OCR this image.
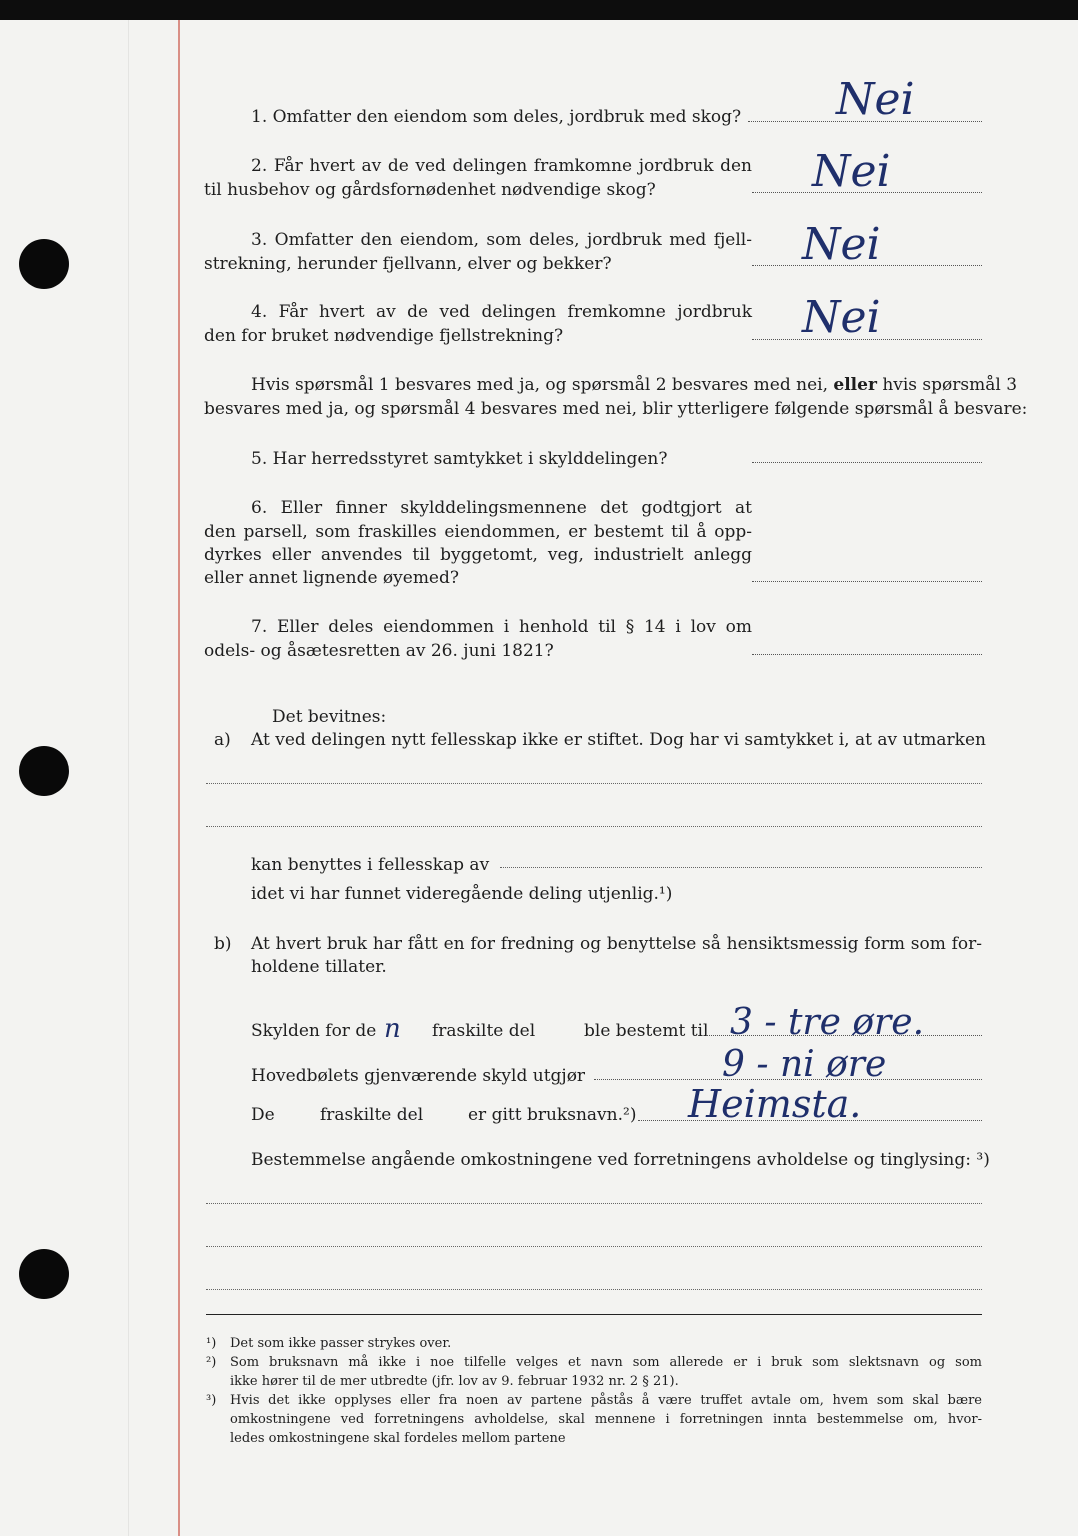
1. Omfatter den eiendom som deles, jordbruk med skog? Nei
2. Får hvert av de ved delingen framkomne jordbruk den
til husbehov og gårdsfornødenhet nødvendige skog?	Nei
3. Omfatter den eiendom, som deles, jordbruk med fjell-
strekning, herunder fjellvann, elver og bekker?	Nei
4. Får hvert av de ved delingen fremkomne jordbruk
den for bruket nødvendige fjellstrekning?	Nei
Hvis spørsmål 1 besvares med ja, og spørsmål 2 besvares med nei, eller hvis spørsmål 3
besvares med ja, og spørsmål 4 besvares med nei, blir ytterligere følgende spørsmål å besvare:
5. Har herredsstyret samtykket i skylddelingen?
6. Eller finner skylddelingsmennene det godtgjort at
den parsell, som fraskilles eiendommen, er bestemt til å opp-
dyrkes eller anvendes til byggetomt, veg, industrielt anlegg
eller annet lignende øyemed?
7. Eller deles eiendommen i henhold til § 14 i lov om
odels- og åsætesretten av 26. juni 1821?
Det bevitnes:
a) At ved delingen nytt fellesskap ikke er stiftet. Dog har vi samtykket i, at av utmarken
kan benyttes i fellesskap av
idet vi har funnet videregående deling utjenlig.¹)
b) At hvert bruk har fått en for fredning og benyttelse så hensiktsmessig form som for-
holdene tillater.
Skylden for de n fraskilte del	ble bestemt til 3 - tre øre.
Hovedbølets gjenværende skyld utgjør	9 - ni øre
De	fraskilte del	er gitt bruksnavn.²) Heimsta.
Bestemmelse angående omkostningene ved forretningens avholdelse og tinglysing: ³)
¹) Det som ikke passer strykes over.
²) Som bruksnavn må ikke i noe tilfelle velges et navn som allerede er i bruk som slektsnavn og som
ikke hører til de mer utbredte (jfr. lov av 9. februar 1932 nr. 2 § 21).
³) Hvis det ikke opplyses eller fra noen av partene påstås å være truffet avtale om, hvem som skal bære
omkostningene ved forretningens avholdelse, skal mennene i forretningen innta bestemmelse om, hvor-
ledes omkostningene skal fordeles mellom partene
